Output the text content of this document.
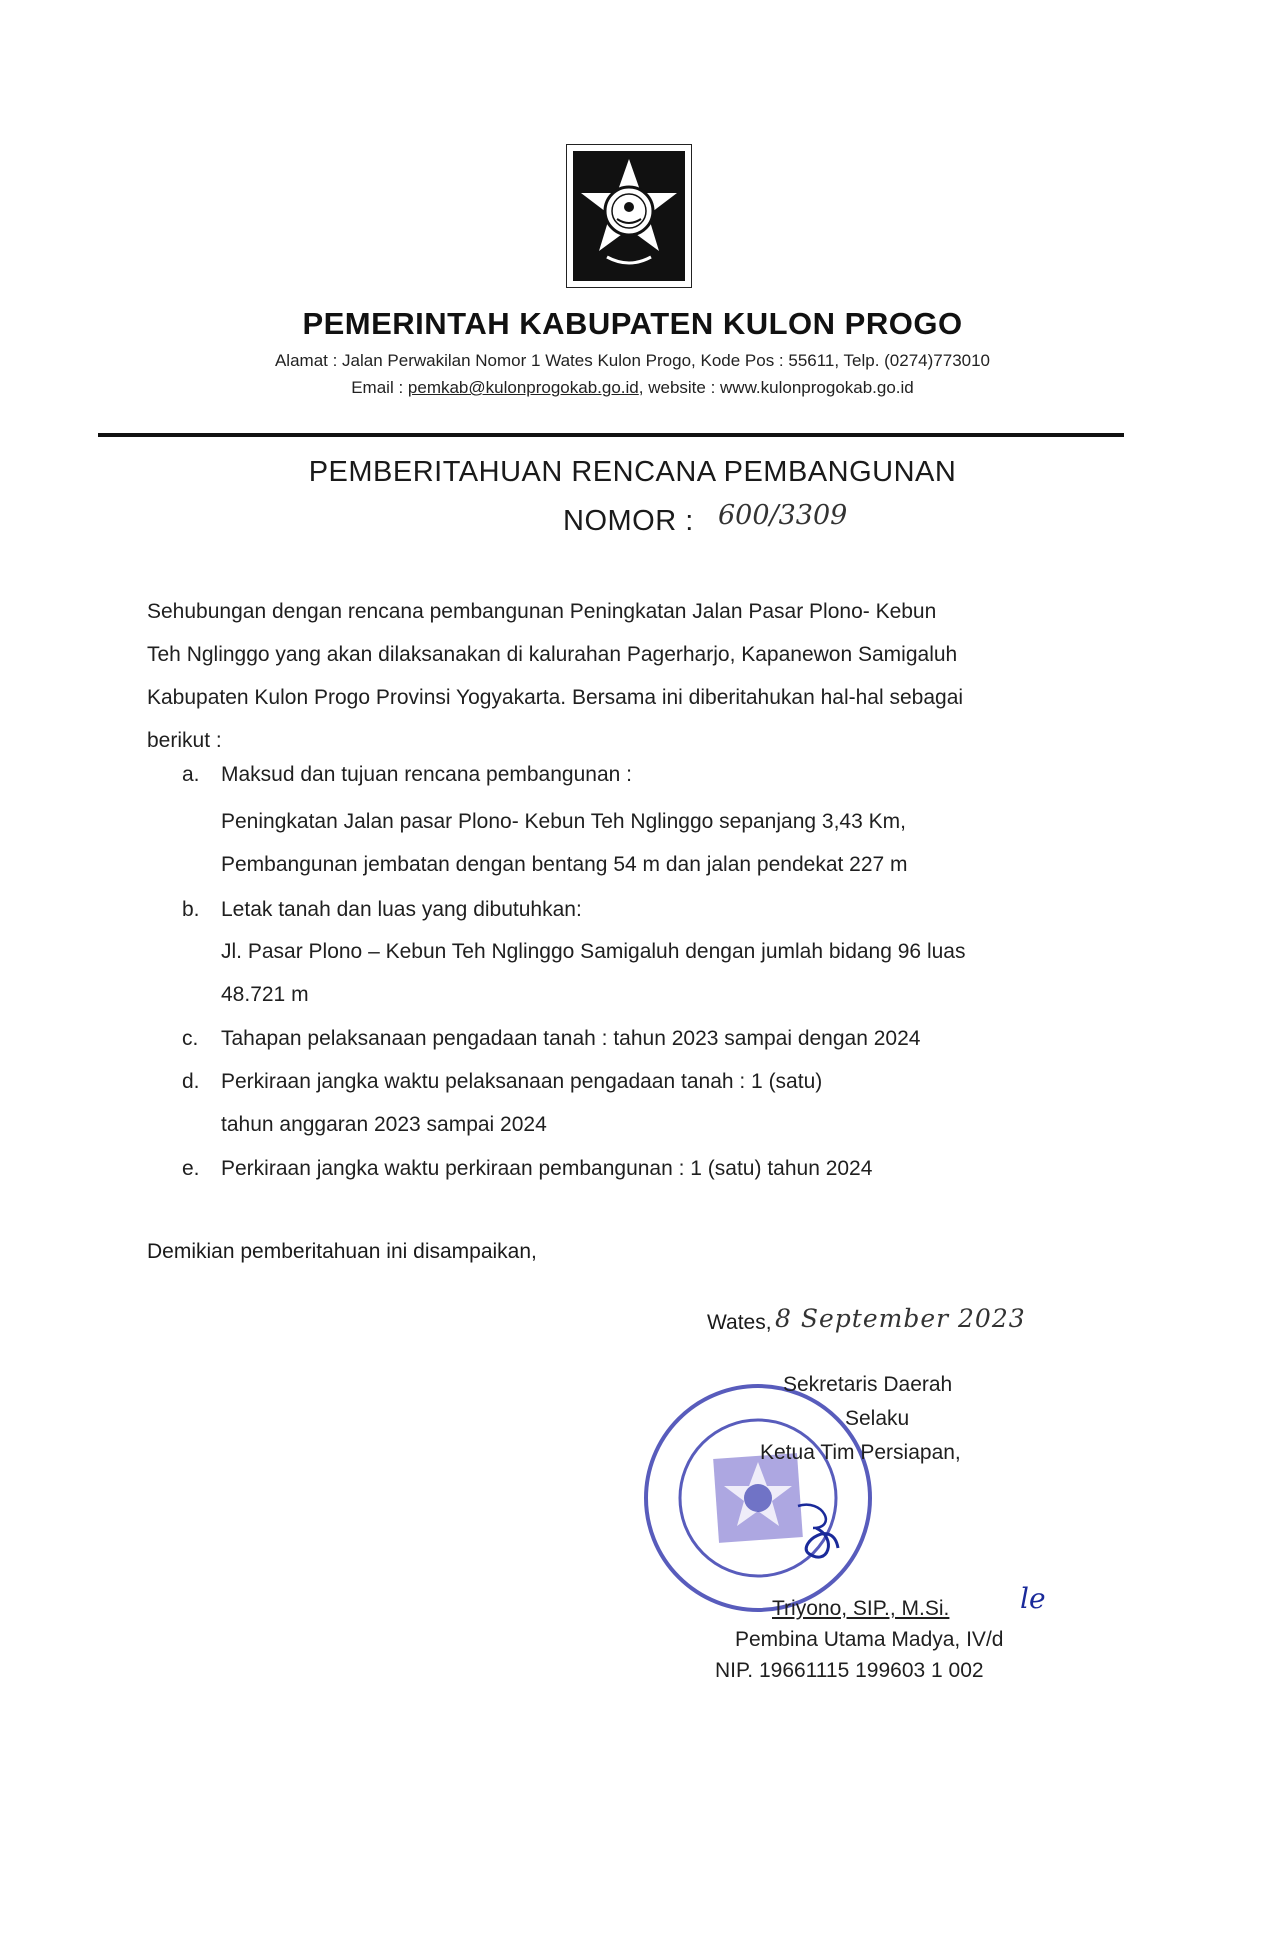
PEMERINTAH KABUPATEN KULON PROGO
Alamat : Jalan Perwakilan Nomor 1 Wates Kulon Progo, Kode Pos : 55611, Telp. (0274)773010
Email : pemkab@kulonprogokab.go.id, website : www.kulonprogokab.go.id
PEMBERITAHUAN RENCANA PEMBANGUNAN
NOMOR : 600/3309
Sehubungan dengan rencana pembangunan Peningkatan Jalan Pasar Plono- Kebun
Teh Nglinggo yang akan dilaksanakan di kalurahan Pagerharjo, Kapanewon Samigaluh
Kabupaten Kulon Progo Provinsi Yogyakarta. Bersama ini diberitahukan hal-hal sebagai
berikut :
a. Maksud dan tujuan rencana pembangunan :
Peningkatan Jalan pasar Plono- Kebun Teh Nglinggo sepanjang 3,43 Km,
Pembangunan jembatan dengan bentang 54 m dan jalan pendekat 227 m
b. Letak tanah dan luas yang dibutuhkan:
Jl. Pasar Plono – Kebun Teh Nglinggo Samigaluh dengan jumlah bidang 96 luas
48.721 m
c. Tahapan pelaksanaan pengadaan tanah : tahun 2023 sampai dengan 2024
d. Perkiraan jangka waktu pelaksanaan pengadaan tanah : 1 (satu)
tahun anggaran 2023 sampai 2024
e. Perkiraan jangka waktu perkiraan pembangunan : 1 (satu) tahun 2024
Demikian pemberitahuan ini disampaikan,
Wates, 8 September 2023
Sekretaris Daerah
Selaku
Ketua Tim Persiapan,
Triyono, SIP., M.Si.	le
Pembina Utama Madya, IV/d
NIP. 19661115 199603 1 002
